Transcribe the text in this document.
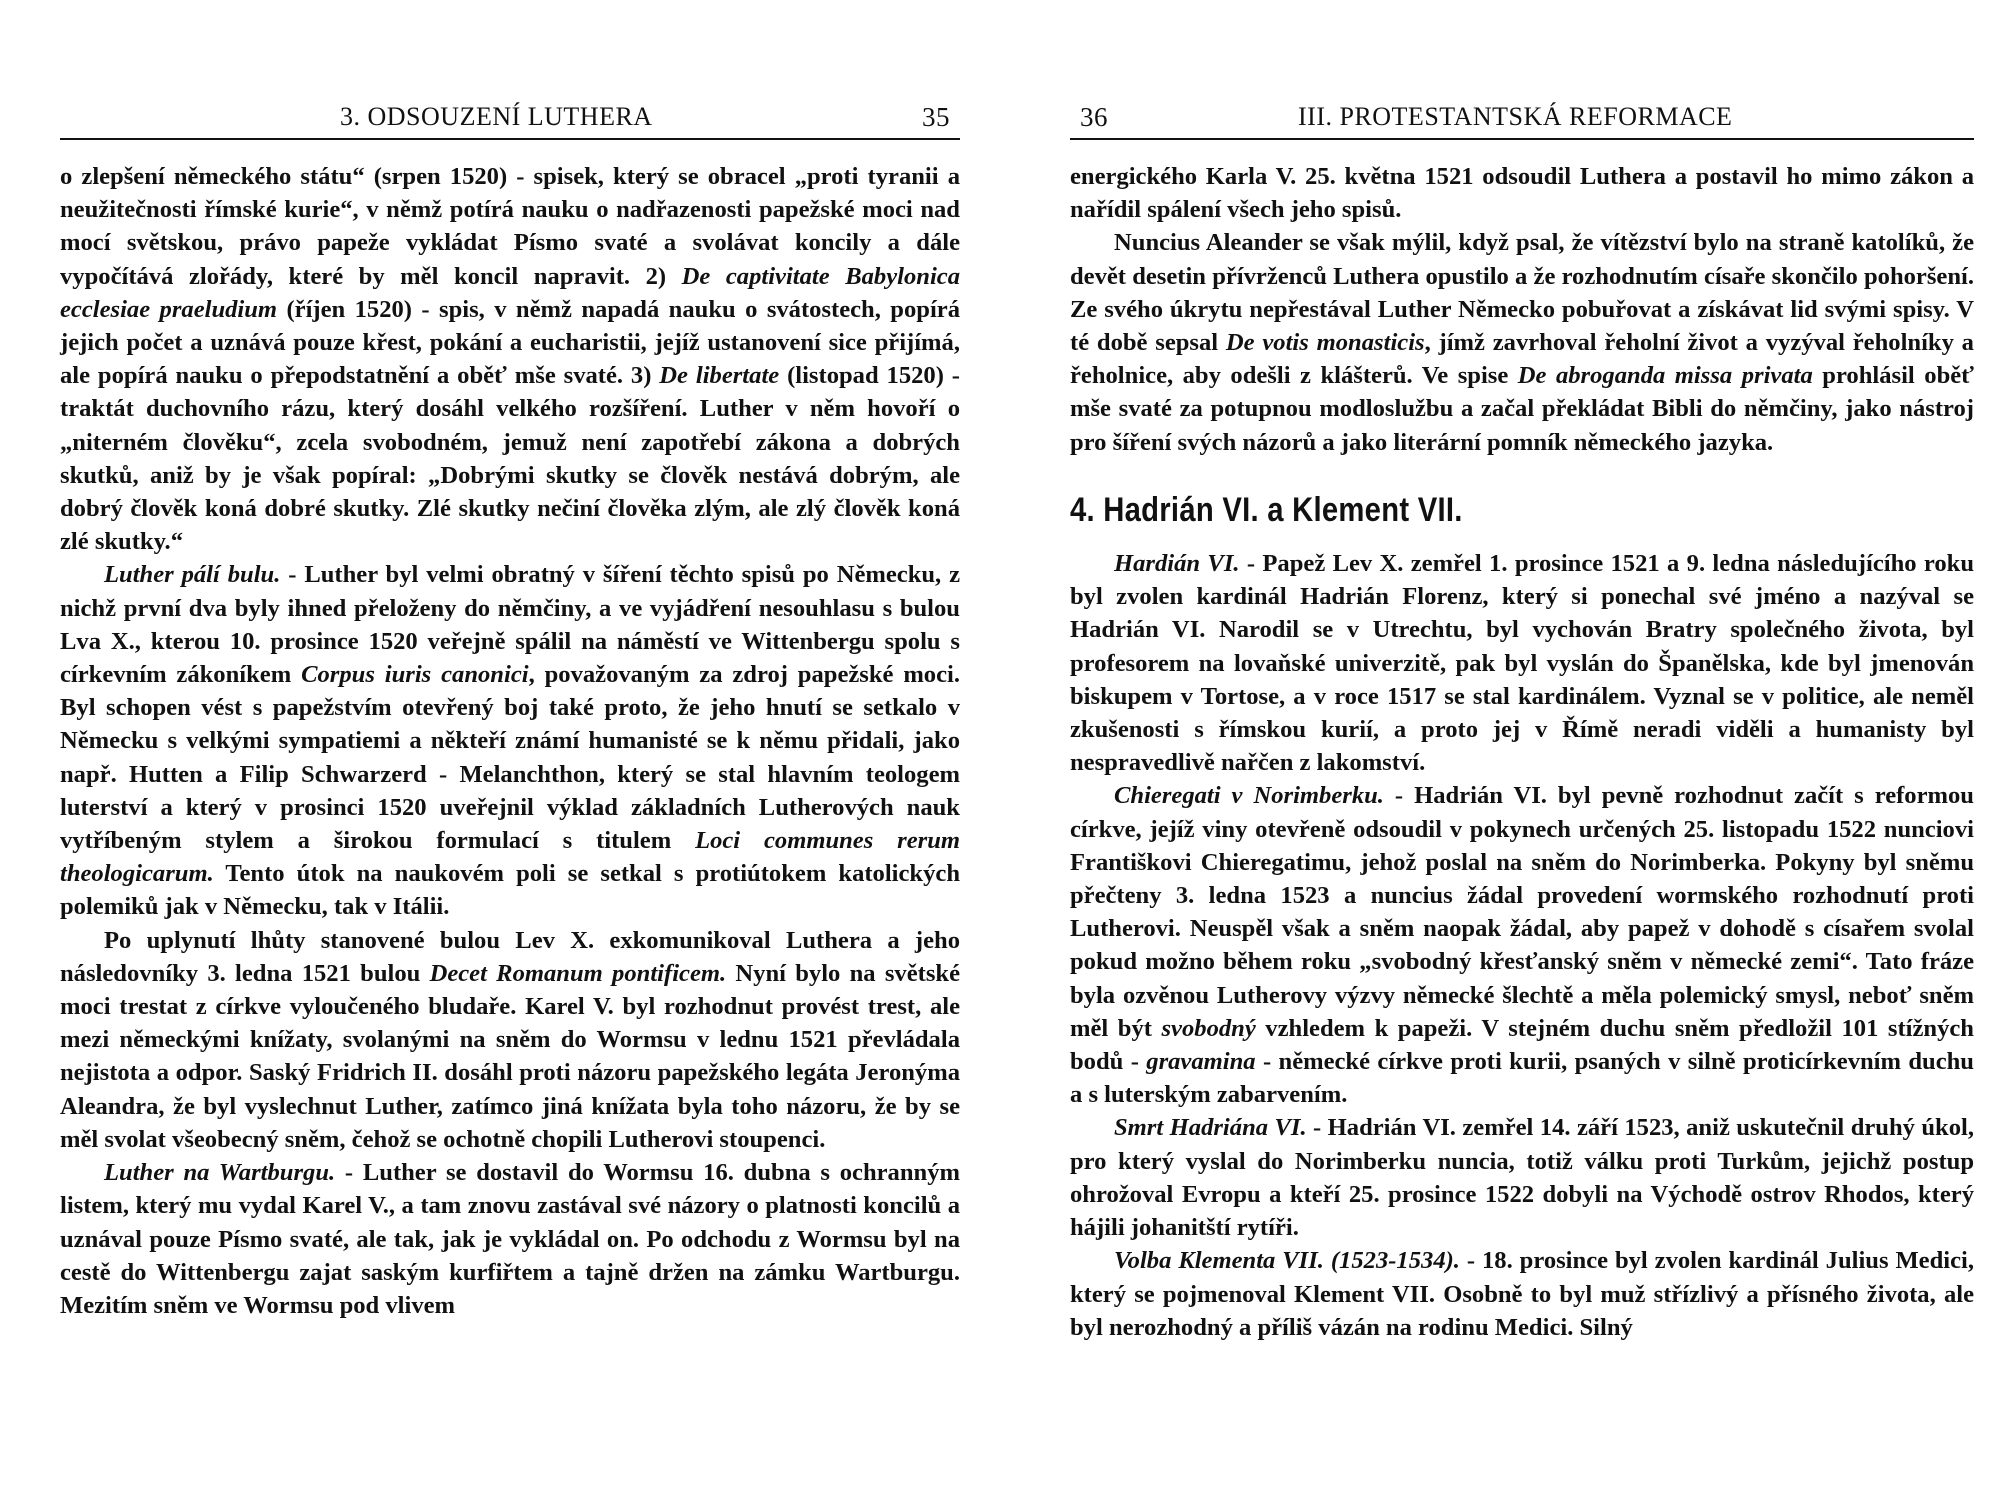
3. ODSOUZENÍ LUTHERA	35

o zlepšení německého státu“ (srpen 1520) - spisek, který se obracel „proti tyranii a neužitečnosti římské kurie“, v němž potírá nauku o nadřazenosti papežské moci nad mocí světskou, právo papeže vykládat Písmo svaté a svolávat koncily a dále vypočítává zlořády, které by měl koncil napravit. 2) De captivitate Babylonica ecclesiae praeludium (říjen 1520) - spis, v němž napadá nauku o svátostech, popírá jejich počet a uznává pouze křest, pokání a eucharistii, jejíž ustanovení sice přijímá, ale popírá nauku o přepodstatnění a oběť mše svaté. 3) De libertate (listopad 1520) - traktát duchovního rázu, který dosáhl velkého rozšíření. Luther v něm hovoří o „niterném člověku“, zcela svobodném, jemuž není zapotřebí zákona a dobrých skutků, aniž by je však popíral: „Dobrými skutky se člověk nestává dobrým, ale dobrý člověk koná dobré skutky. Zlé skutky nečiní člověka zlým, ale zlý člověk koná zlé skutky.“

Luther pálí bulu. - Luther byl velmi obratný v šíření těchto spisů po Německu, z nichž první dva byly ihned přeloženy do němčiny, a ve vyjádření nesouhlasu s bulou Lva X., kterou 10. prosince 1520 veřejně spálil na náměstí ve Wittenbergu spolu s církevním zákoníkem Corpus iuris canonici, považovaným za zdroj papežské moci. Byl schopen vést s papežstvím otevřený boj také proto, že jeho hnutí se setkalo v Německu s velkými sympatiemi a někteří známí humanisté se k němu přidali, jako např. Hutten a Filip Schwarzerd - Melanchthon, který se stal hlavním teologem luterství a který v prosinci 1520 uveřejnil výklad základních Lutherových nauk vytříbeným stylem a širokou formulací s titulem Loci communes rerum theologicarum. Tento útok na naukovém poli se setkal s protiútokem katolických polemiků jak v Německu, tak v Itálii.

Po uplynutí lhůty stanovené bulou Lev X. exkomunikoval Luthera a jeho následovníky 3. ledna 1521 bulou Decet Romanum pontificem. Nyní bylo na světské moci trestat z církve vyloučeného bludaře. Karel V. byl rozhodnut provést trest, ale mezi německými knížaty, svolanými na sněm do Wormsu v lednu 1521 převládala nejistota a odpor. Saský Fridrich II. dosáhl proti názoru papežského legáta Jeronýma Aleandra, že byl vyslechnut Luther, zatímco jiná knížata byla toho názoru, že by se měl svolat všeobecný sněm, čehož se ochotně chopili Lutherovi stoupenci.

Luther na Wartburgu. - Luther se dostavil do Wormsu 16. dubna s ochranným listem, který mu vydal Karel V., a tam znovu zastával své názory o platnosti koncilů a uznával pouze Písmo svaté, ale tak, jak je vykládal on. Po odchodu z Wormsu byl na cestě do Wittenbergu zajat saským kurfiřtem a tajně držen na zámku Wartburgu. Mezitím sněm ve Wormsu pod vlivem

36	III. PROTESTANTSKÁ REFORMACE

energického Karla V. 25. května 1521 odsoudil Luthera a postavil ho mimo zákon a nařídil spálení všech jeho spisů.

Nuncius Aleander se však mýlil, když psal, že vítězství bylo na straně katolíků, že devět desetin přívrženců Luthera opustilo a že rozhodnutím císaře skončilo pohoršení. Ze svého úkrytu nepřestával Luther Německo pobuřovat a získávat lid svými spisy. V té době sepsal De votis monasticis, jímž zavrhoval řeholní život a vyzýval řeholníky a řeholnice, aby odešli z klášterů. Ve spise De abroganda missa privata prohlásil oběť mše svaté za potupnou modloslužbu a začal překládat Bibli do němčiny, jako nástroj pro šíření svých názorů a jako literární pomník německého jazyka.

4. Hadrián VI. a Klement VII.

Hardián VI. - Papež Lev X. zemřel 1. prosince 1521 a 9. ledna následujícího roku byl zvolen kardinál Hadrián Florenz, který si ponechal své jméno a nazýval se Hadrián VI. Narodil se v Utrechtu, byl vychován Bratry společného života, byl profesorem na lovaňské univerzitě, pak byl vyslán do Španělska, kde byl jmenován biskupem v Tortose, a v roce 1517 se stal kardinálem. Vyznal se v politice, ale neměl zkušenosti s římskou kurií, a proto jej v Římě neradi viděli a humanisty byl nespravedlivě nařčen z lakomství.

Chieregati v Norimberku. - Hadrián VI. byl pevně rozhodnut začít s reformou církve, jejíž viny otevřeně odsoudil v pokynech určených 25. listopadu 1522 nunciovi Františkovi Chieregatimu, jehož poslal na sněm do Norimberka. Pokyny byl sněmu přečteny 3. ledna 1523 a nuncius žádal provedení wormského rozhodnutí proti Lutherovi. Neuspěl však a sněm naopak žádal, aby papež v dohodě s císařem svolal pokud možno během roku „svobodný křesťanský sněm v německé zemi“. Tato fráze byla ozvěnou Lutherovy výzvy německé šlechtě a měla polemický smysl, neboť sněm měl být svobodný vzhledem k papeži. V stejném duchu sněm předložil 101 stížných bodů - gravamina - německé církve proti kurii, psaných v silně proticírkevním duchu a s luterským zabarvením.

Smrt Hadriána VI. - Hadrián VI. zemřel 14. září 1523, aniž uskutečnil druhý úkol, pro který vyslal do Norimberku nuncia, totiž válku proti Turkům, jejichž postup ohrožoval Evropu a kteří 25. prosince 1522 dobyli na Východě ostrov Rhodos, který hájili johanitští rytíři.

Volba Klementa VII. (1523-1534). - 18. prosince byl zvolen kardinál Julius Medici, který se pojmenoval Klement VII. Osobně to byl muž střízlivý a přísného života, ale byl nerozhodný a příliš vázán na rodinu Medici. Silný
